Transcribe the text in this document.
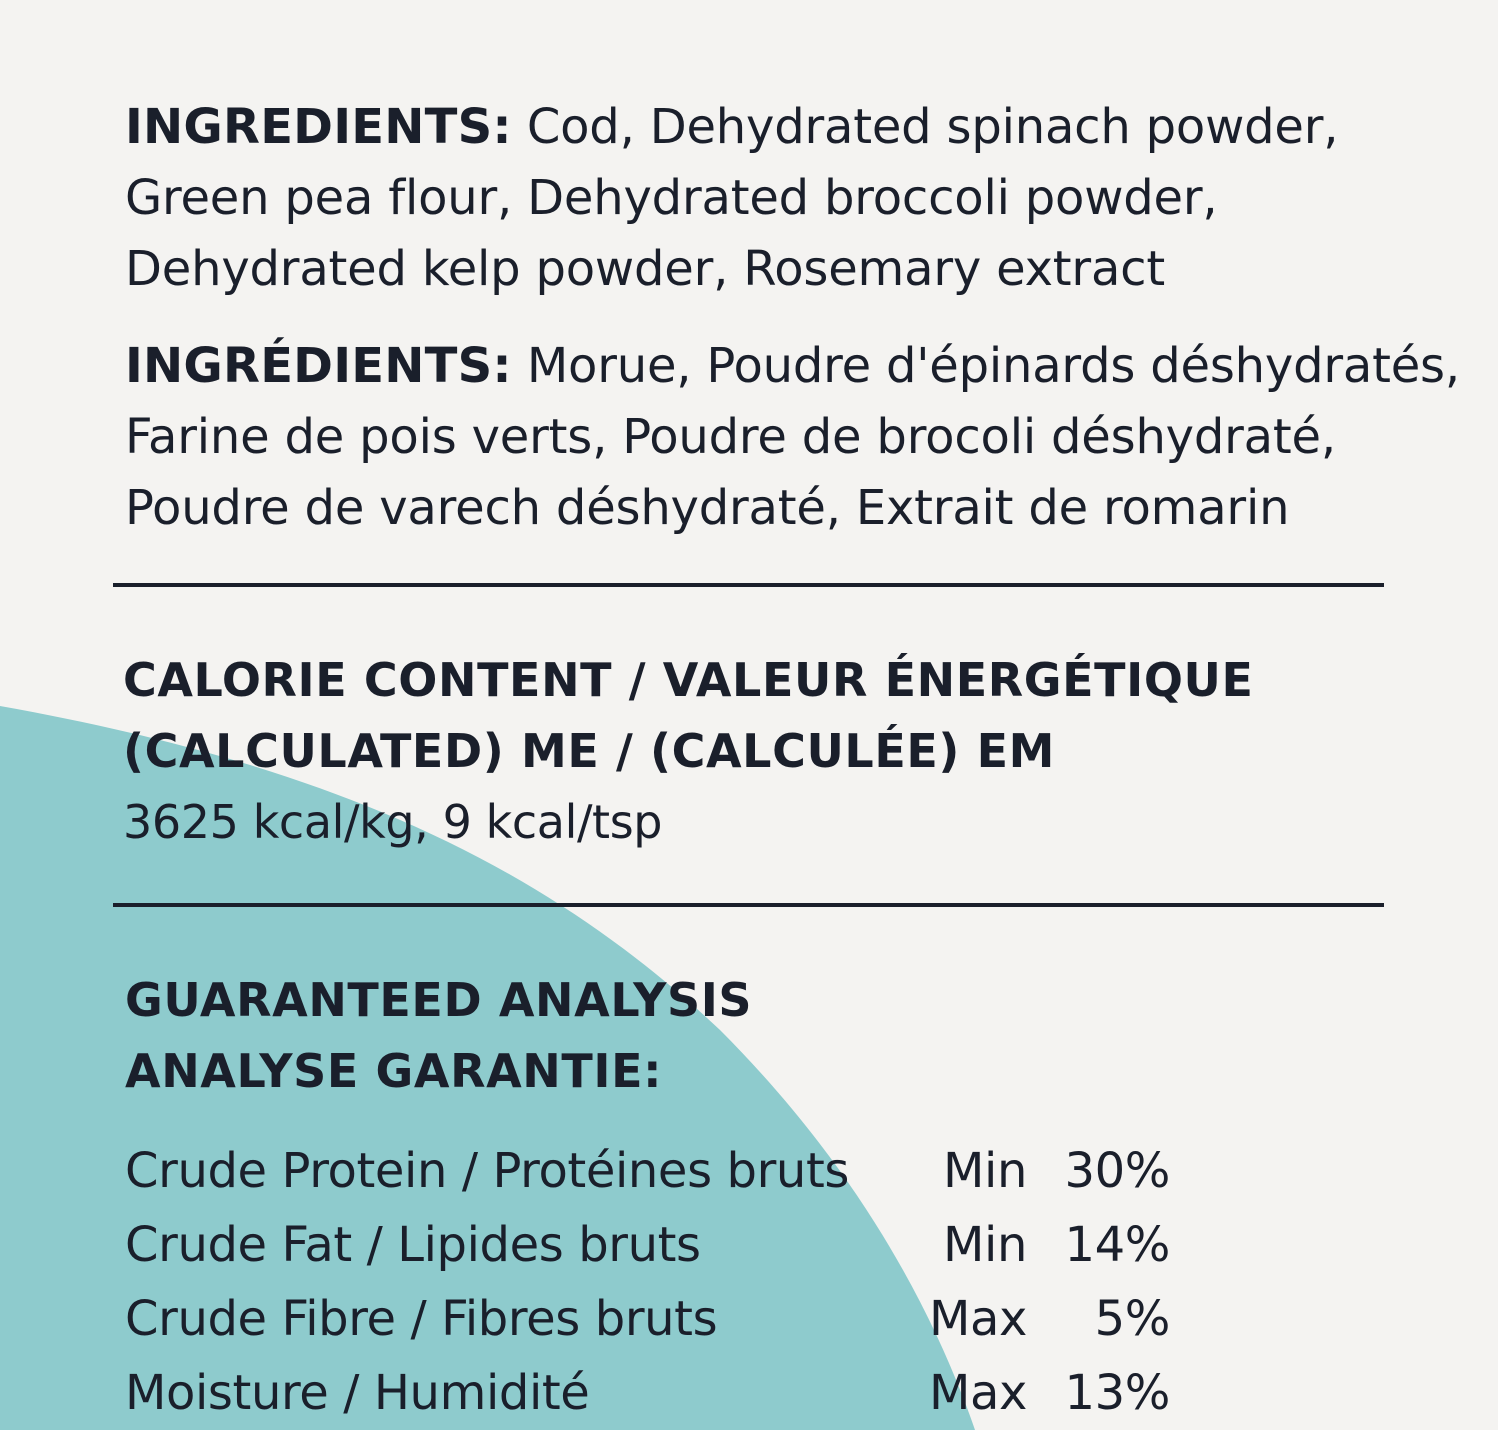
INGREDIENTS: Cod, Dehydrated spinach powder,
Green pea flour, Dehydrated broccoli powder,
Dehydrated kelp powder, Rosemary extract
INGRÉDIENTS: Morue, Poudre d'épinards déshydratés,
Farine de pois verts, Poudre de brocoli déshydraté,
Poudre de varech déshydraté, Extrait de romarin
CALORIE CONTENT / VALEUR ÉNERGÉTIQUE
(CALCULATED) ME / (CALCULÉE) EM
3625 kcal/kg, 9 kcal/tsp
GUARANTEED ANALYSIS
ANALYSE GARANTIE:
Crude Protein / Protéines bruts Min 30%
Crude Fat / Lipides bruts	Min 14%
Crude Fibre / Fibres bruts	Max 5%
Moisture / Humidité	Max 13%
